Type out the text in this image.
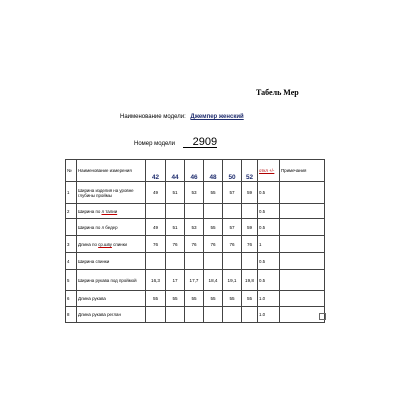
Табель Мер
Наименование модели: Джемпер женский
Номер модели 2909
№	Наименование измерения	42	44	46	48	50	52	откл +/-	Примечания
1	Ширина изделия на уровне глубины проймы	49	51	53	55	57	59	0.5	
2	Ширина по л талии							0.5	
	Ширина по л бедер	49	51	53	55	57	59	0.5	
3	Длина по ср.шву спинки	76	76	76	76	76	76	1	
4	Ширина спинки							0.5	
5	Ширина рукава под проймой	16,3	17	17,7	18,4	19,1	19,8	0.5	
6	Длина рукава	55	55	55	55	55	55	1.0	
8	Длина рукава реглан							1.0	
